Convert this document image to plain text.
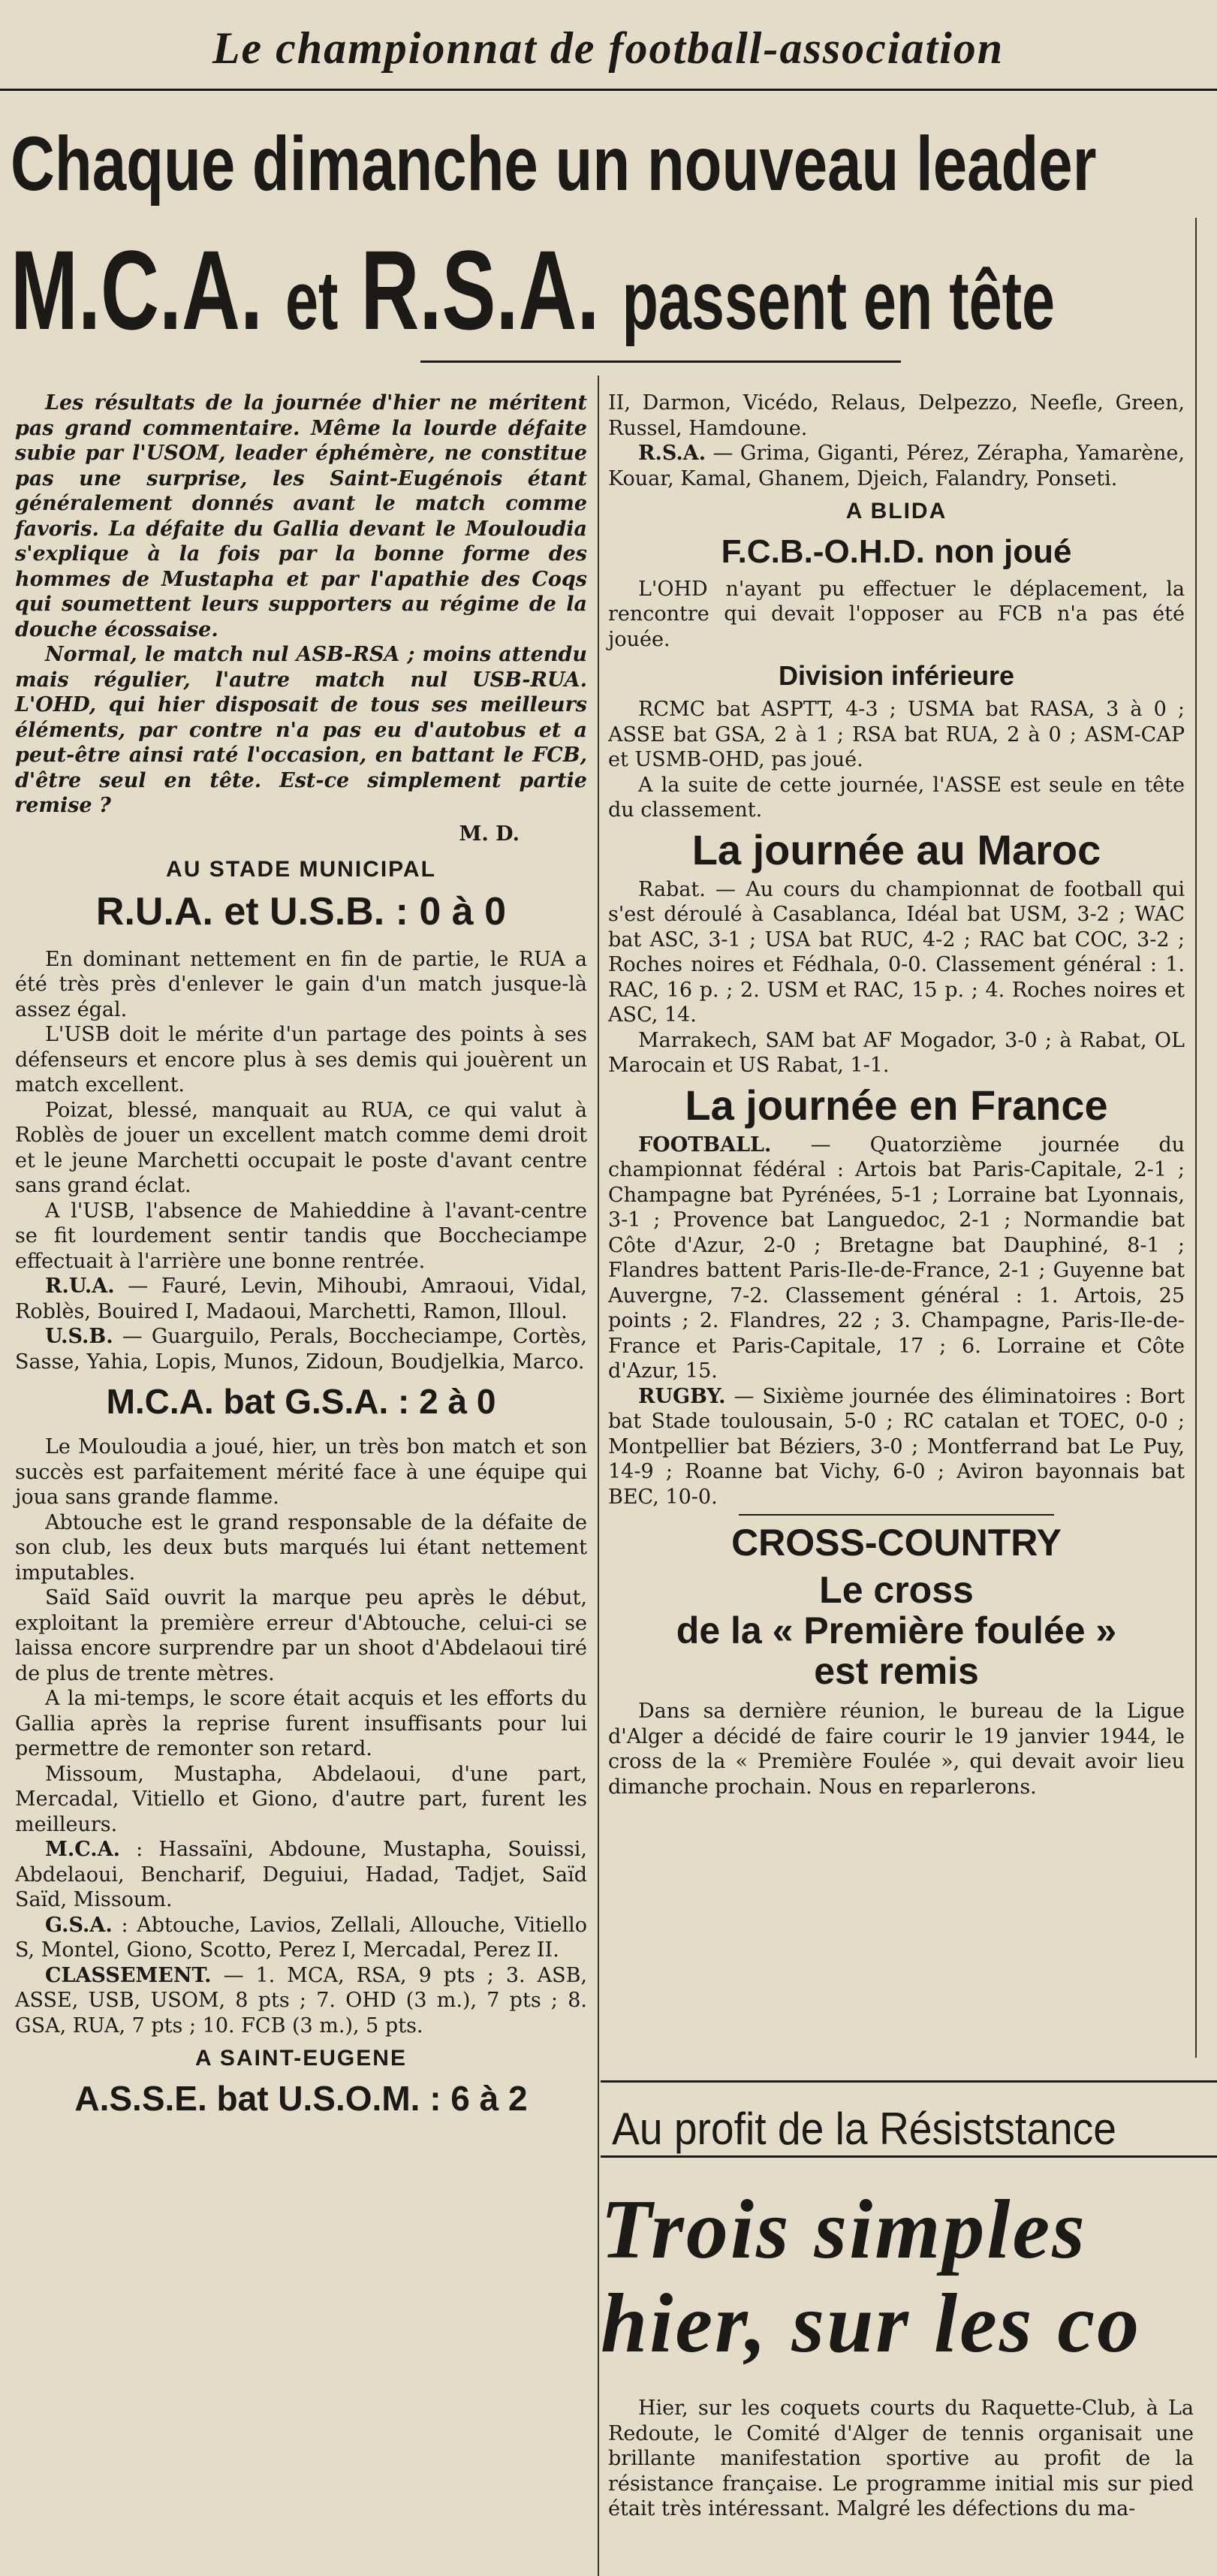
Le championnat de football-association
Chaque dimanche un nouveau leader
M.C.A. et R.S.A. passent en tête

Les résultats de la journée d'hier ne méritent pas grand commentaire. Même la lourde défaite subie par l'USOM, leader éphémère, ne constitue pas une surprise, les Saint-Eugénois étant généralement donnés avant le match comme favoris. La défaite du Gallia devant le Mouloudia s'explique à la fois par la bonne forme des hommes de Mustapha et par l'apathie des Coqs qui soumettent leurs supporters au régime de la douche écossaise.

Normal, le match nul ASB-RSA ; moins attendu mais régulier, l'autre match nul USB-RUA. L'OHD, qui hier disposait de tous ses meilleurs éléments, par contre n'a pas eu d'autobus et a peut-être ainsi raté l'occasion, en battant le FCB, d'être seul en tête. Est-ce simplement partie remise ?

M. D.
AU STADE MUNICIPAL
R.U.A. et U.S.B. : 0 à 0

En dominant nettement en fin de partie, le RUA a été très près d'enlever le gain d'un match jusque-là assez égal.

L'USB doit le mérite d'un partage des points à ses défenseurs et encore plus à ses demis qui jouèrent un match excellent.

Poizat, blessé, manquait au RUA, ce qui valut à Roblès de jouer un excellent match comme demi droit et le jeune Marchetti occupait le poste d'avant centre sans grand éclat.

A l'USB, l'absence de Mahieddine à l'avant-centre se fit lourdement sentir tandis que Boccheciampe effectuait à l'arrière une bonne rentrée.

R.U.A. — Fauré, Levin, Mihoubi, Amraoui, Vidal, Roblès, Bouired I, Madaoui, Marchetti, Ramon, Illoul.

U.S.B. — Guarguilo, Perals, Boccheciampe, Cortès, Sasse, Yahia, Lopis, Munos, Zidoun, Boudjelkia, Marco.

M.C.A. bat G.S.A. : 2 à 0

Le Mouloudia a joué, hier, un très bon match et son succès est parfaitement mérité face à une équipe qui joua sans grande flamme.

Abtouche est le grand responsable de la défaite de son club, les deux buts marqués lui étant nettement imputables.

Saïd Saïd ouvrit la marque peu après le début, exploitant la première erreur d'Abtouche, celui-ci se laissa encore surprendre par un shoot d'Abdelaoui tiré de plus de trente mètres.

A la mi-temps, le score était acquis et les efforts du Gallia après la reprise furent insuffisants pour lui permettre de remonter son retard.

Missoum, Mustapha, Abdelaoui, d'une part, Mercadal, Vitiello et Giono, d'autre part, furent les meilleurs.

M.C.A. : Hassaïni, Abdoune, Mustapha, Souissi, Abdelaoui, Bencharif, Deguiui, Hadad, Tadjet, Saïd Saïd, Missoum.

G.S.A. : Abtouche, Lavios, Zellali, Allouche, Vitiello S, Montel, Giono, Scotto, Perez I, Mercadal, Perez II.

CLASSEMENT. — 1. MCA, RSA, 9 pts ; 3. ASB, ASSE, USB, USOM, 8 pts ; 7. OHD (3 m.), 7 pts ; 8. GSA, RUA, 7 pts ; 10. FCB (3 m.), 5 pts.

A SAINT-EUGENE
A.S.S.E. bat U.S.O.M. : 6 à 2

II, Darmon, Vicédo, Relaus, Delpezzo, Neefle, Green, Russel, Hamdoune.

R.S.A. — Grima, Giganti, Pérez, Zérapha, Yamarène, Kouar, Kamal, Ghanem, Djeich, Falandry, Ponseti.

A BLIDA
F.C.B.-O.H.D. non joué

L'OHD n'ayant pu effectuer le déplacement, la rencontre qui devait l'opposer au FCB n'a pas été jouée.

Division inférieure

RCMC bat ASPTT, 4-3 ; USMA bat RASA, 3 à 0 ; ASSE bat GSA, 2 à 1 ; RSA bat RUA, 2 à 0 ; ASM-CAP et USMB-OHD, pas joué.

A la suite de cette journée, l'ASSE est seule en tête du classement.

La journée au Maroc

Rabat. — Au cours du championnat de football qui s'est déroulé à Casablanca, Idéal bat USM, 3-2 ; WAC bat ASC, 3-1 ; USA bat RUC, 4-2 ; RAC bat COC, 3-2 ; Roches noires et Fédhala, 0-0. Classement général : 1. RAC, 16 p. ; 2. USM et RAC, 15 p. ; 4. Roches noires et ASC, 14.

Marrakech, SAM bat AF Mogador, 3-0 ; à Rabat, OL Marocain et US Rabat, 1-1.

La journée en France

FOOTBALL. — Quatorzième journée du championnat fédéral : Artois bat Paris-Capitale, 2-1 ; Champagne bat Pyrénées, 5-1 ; Lorraine bat Lyonnais, 3-1 ; Provence bat Languedoc, 2-1 ; Normandie bat Côte d'Azur, 2-0 ; Bretagne bat Dauphiné, 8-1 ; Flandres battent Paris-Ile-de-France, 2-1 ; Guyenne bat Auvergne, 7-2. Classement général : 1. Artois, 25 points ; 2. Flandres, 22 ; 3. Champagne, Paris-Ile-de-France et Paris-Capitale, 17 ; 6. Lorraine et Côte d'Azur, 15.

RUGBY. — Sixième journée des éliminatoires : Bort bat Stade toulousain, 5-0 ; RC catalan et TOEC, 0-0 ; Montpellier bat Béziers, 3-0 ; Montferrand bat Le Puy, 14-9 ; Roanne bat Vichy, 6-0 ; Aviron bayonnais bat BEC, 10-0.

CROSS-COUNTRY
Le cross
de la « Première foulée »
est remis

Dans sa dernière réunion, le bureau de la Ligue d'Alger a décidé de faire courir le 19 janvier 1944, le cross de la « Première Foulée », qui devait avoir lieu dimanche prochain. Nous en reparlerons.

Au profit de la Résiststance
Trois simples
hier, sur les co

Hier, sur les coquets courts du Raquette-Club, à La Redoute, le Comité d'Alger de tennis organisait une brillante manifestation sportive au profit de la résistance française. Le programme initial mis sur pied était très intéressant. Malgré les défections du ma-
